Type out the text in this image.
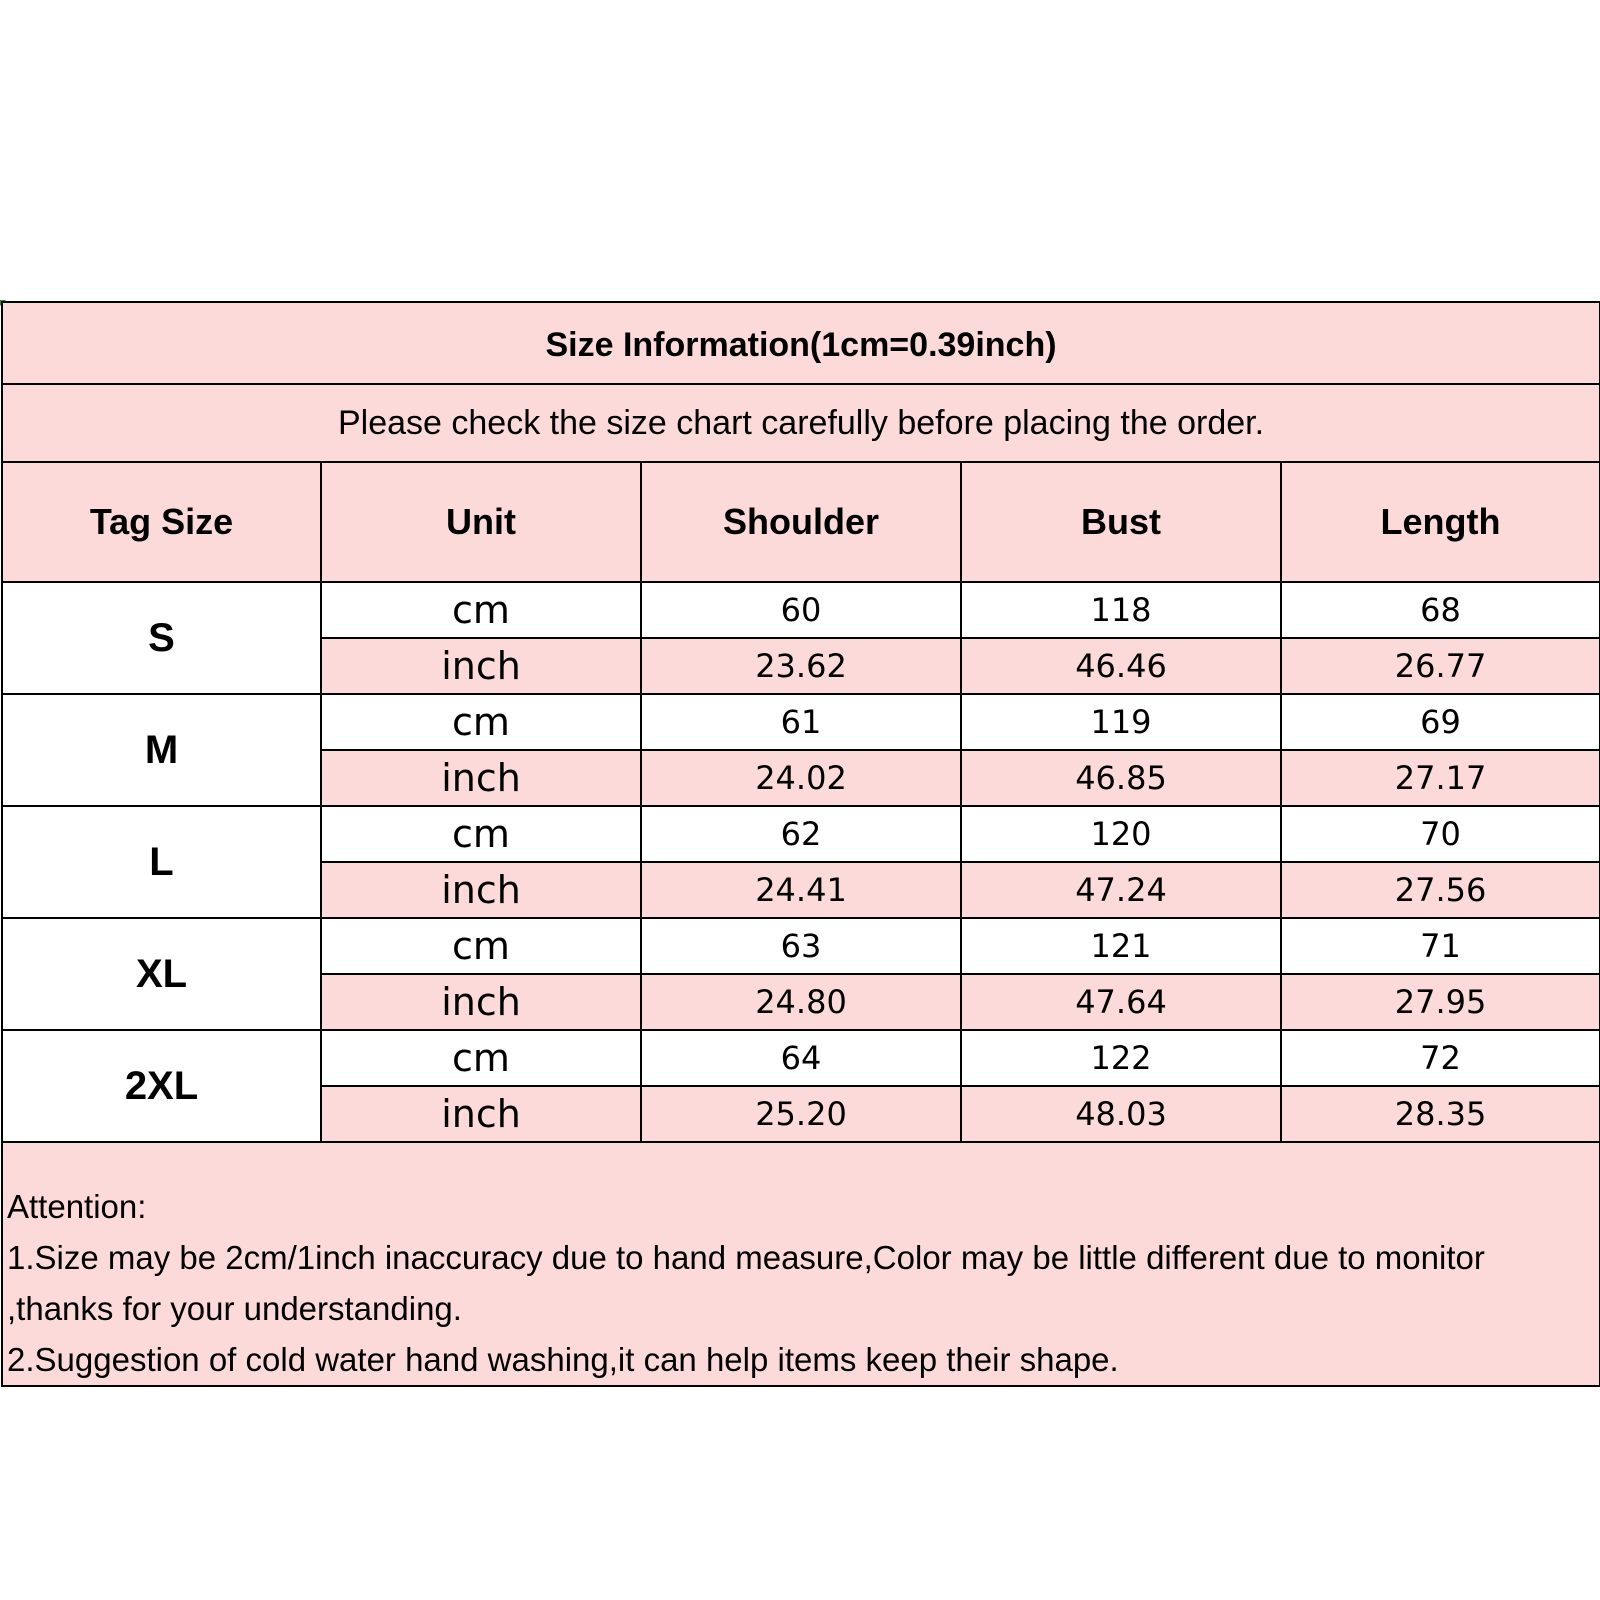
Size Information(1cm=0.39inch)				
Please check the size chart carefully before placing the order.				
Tag Size	Unit	Shoulder	Bust	Length
S	cm	60	118	68
	inch	23.62	46.46	26.77
M	cm	61	119	69
	inch	24.02	46.85	27.17
L	cm	62	120	70
	inch	24.41	47.24	27.56
XL	cm	63	121	71
	inch	24.80	47.64	27.95
2XL	cm	64	122	72
	inch	25.20	48.03	28.35

Attention:
1.Size may be 2cm/1inch inaccuracy due to hand measure,Color may be little different due to monitor
,thanks for your understanding.
2.Suggestion of cold water hand washing,it can help items keep their shape.				
